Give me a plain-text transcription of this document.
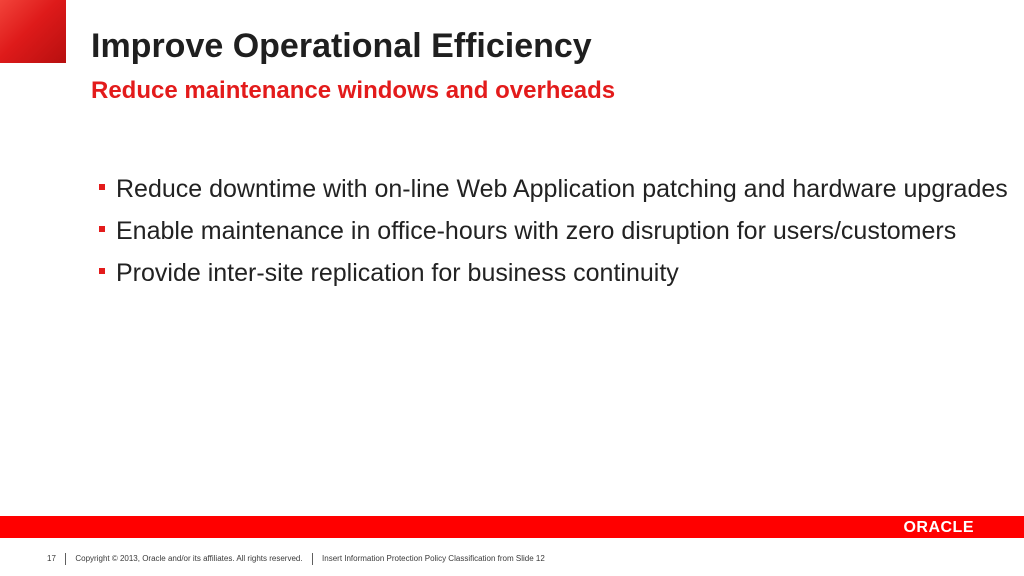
Improve Operational Efficiency
Reduce maintenance windows and overheads
Reduce downtime with on-line Web Application patching and hardware upgrades
Enable maintenance in office-hours with zero disruption for users/customers
Provide inter-site replication for business continuity
ORACLE
17 Copyright © 2013, Oracle and/or its affiliates. All rights reserved. Insert Information Protection Policy Classification from Slide 12
